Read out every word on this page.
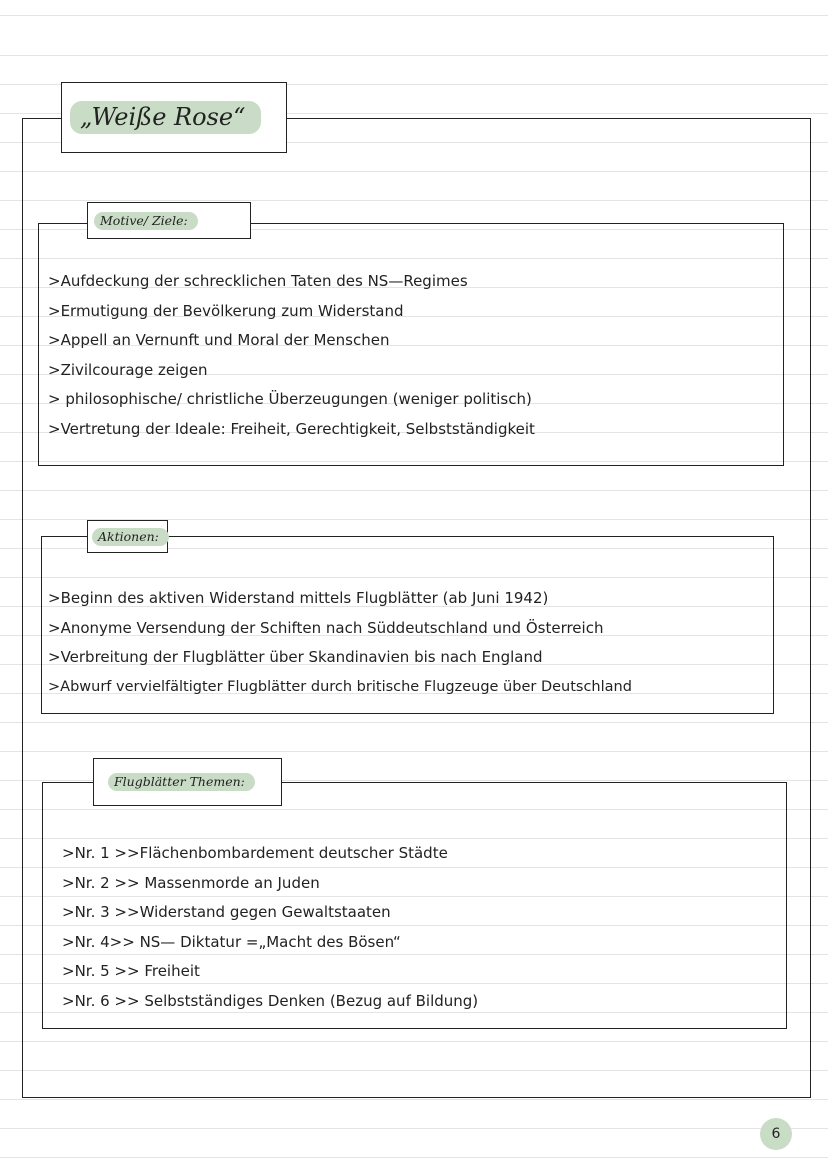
„Weiße Rose“
Motive/ Ziele:
>Aufdeckung der schrecklichen Taten des NS—Regimes
>Ermutigung der Bevölkerung zum Widerstand
>Appell an Vernunft und Moral der Menschen
>Zivilcourage zeigen
> philosophische/ christliche Überzeugungen (weniger politisch)
>Vertretung der Ideale: Freiheit, Gerechtigkeit, Selbstständigkeit
Aktionen:
>Beginn des aktiven Widerstand mittels Flugblätter (ab Juni 1942)
>Anonyme Versendung der Schiften nach Süddeutschland und Österreich
>Verbreitung der Flugblätter über Skandinavien bis nach England
>Abwurf vervielfältigter Flugblätter durch britische Flugzeuge über Deutschland
Flugblätter Themen:
>Nr. 1 >>Flächenbombardement deutscher Städte
>Nr. 2 >> Massenmorde an Juden
>Nr. 3 >>Widerstand gegen Gewaltstaaten
>Nr. 4>> NS— Diktatur =„Macht des Bösen“
>Nr. 5 >> Freiheit
>Nr. 6 >> Selbstständiges Denken (Bezug auf Bildung)
6
